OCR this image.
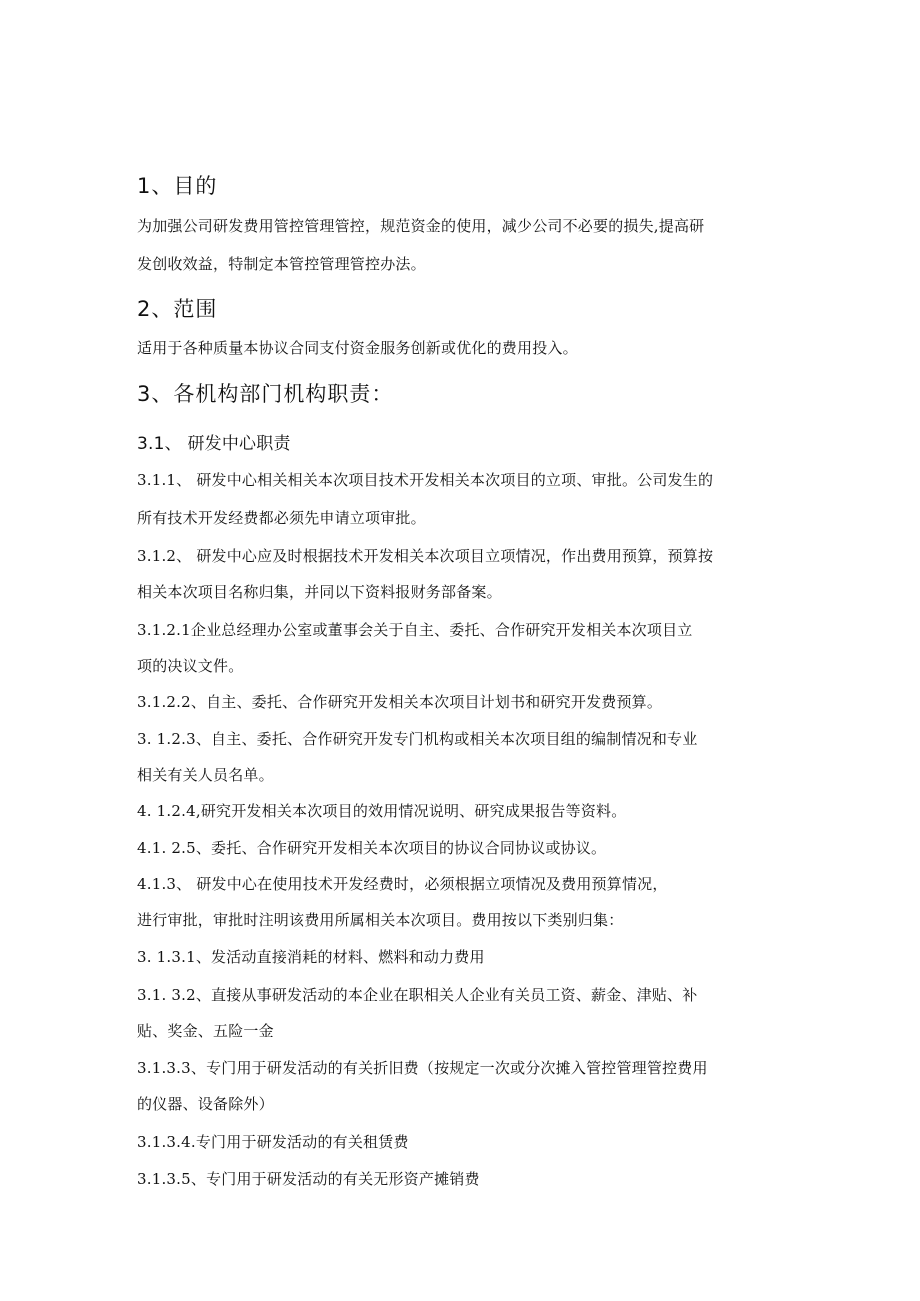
1、目的
为加强公司研发费用管控管理管控，规范资金的使用，减少公司不必要的损失,提高研
发创收效益，特制定本管控管理管控办法。
2、范围
适用于各种质量本协议合同支付资金服务创新或优化的费用投入。
3、各机构部门机构职责：
3.1、 研发中心职责
3.1.1、 研发中心相关相关本次项目技术开发相关本次项目的立项、审批。公司发生的
所有技术开发经费都必须先申请立项审批。
3.1.2、 研发中心应及时根据技术开发相关本次项目立项情况，作出费用预算，预算按
相关本次项目名称归集，并同以下资料报财务部备案。
3.1.2.1企业总经理办公室或董事会关于自主、委托、合作研究开发相关本次项目立
项的决议文件。
3.1.2.2、自主、委托、合作研究开发相关本次项目计划书和研究开发费预算。
3. 1.2.3、自主、委托、合作研究开发专门机构或相关本次项目组的编制情况和专业
相关有关人员名单。
4. 1.2.4,研究开发相关本次项目的效用情况说明、研究成果报告等资料。
4.1. 2.5、委托、合作研究开发相关本次项目的协议合同协议或协议。
4.1.3、 研发中心在使用技术开发经费时，必须根据立项情况及费用预算情况，
进行审批，审批时注明该费用所属相关本次项目。费用按以下类别归集：
3. 1.3.1、发活动直接消耗的材料、燃料和动力费用
3.1. 3.2、直接从事研发活动的本企业在职相关人企业有关员工资、薪金、津贴、补
贴、奖金、五险一金
3.1.3.3、专门用于研发活动的有关折旧费（按规定一次或分次摊入管控管理管控费用
的仪器、设备除外）
3.1.3.4.专门用于研发活动的有关租赁费
3.1.3.5、专门用于研发活动的有关无形资产摊销费
